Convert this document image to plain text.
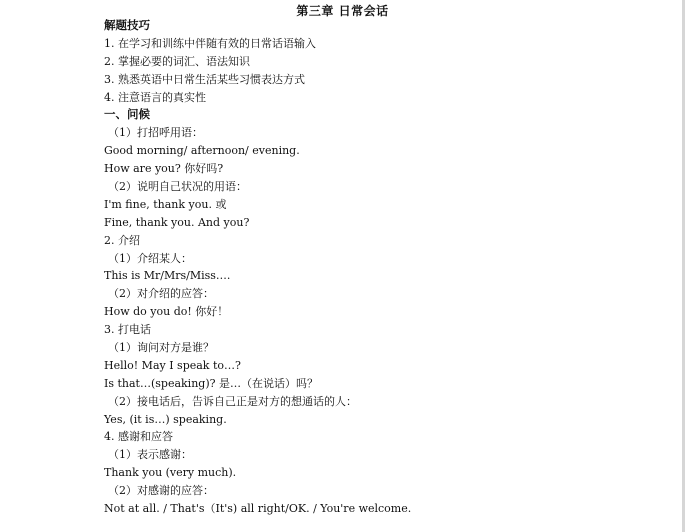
第三章 日常会话
解题技巧
1. 在学习和训练中伴随有效的日常话语输入
2. 掌握必要的词汇、语法知识
3. 熟悉英语中日常生活某些习惯表达方式
4. 注意语言的真实性
一、问候
（1）打招呼用语：
Good morning/ afternoon/ evening.
How are you? 你好吗?
（2）说明自己状况的用语：
I'm fine, thank you. 或
Fine, thank you. And you?
2. 介绍
（1）介绍某人：
This is Mr/Mrs/Miss….
（2）对介绍的应答：
How do you do! 你好！
3. 打电话
（1）询问对方是谁？
Hello! May I speak to…?
Is that…(speaking)? 是…（在说话）吗？
（2）接电话后，告诉自己正是对方的想通话的人：
Yes, (it is…) speaking.
4. 感谢和应答
（1）表示感谢：
Thank you (very much).
（2）对感谢的应答：
Not at all. / That's（It's) all right/OK. / You're welcome.
